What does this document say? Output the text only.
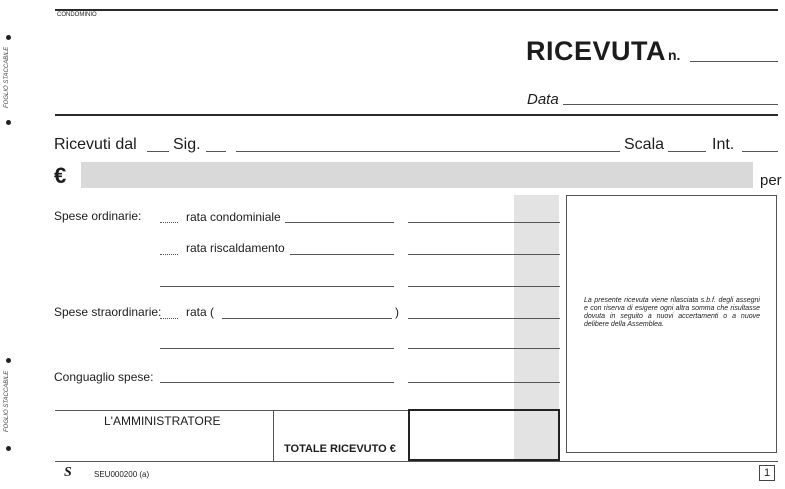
FOGLIO STACCABILE
FOGLIO STACCABILE
CONDOMINIO
RICEVUTA n.
Data
Ricevuti dal Sig.	Scala	Int.
€	per
La presente ricevuta viene rilasciata s.b.f. degli assegni e con riserva di esigere ogni altra somma che risultasse dovuta in seguito a nuovi accertamenti o a nuove delibere della Assemblea.
Spese ordinarie:	rata condominiale
rata riscaldamento
Spese straordinarie: rata (	)
Conguaglio spese:
L'AMMINISTRATORE
TOTALE RICEVUTO €
S	SEU000200 (a)	1
